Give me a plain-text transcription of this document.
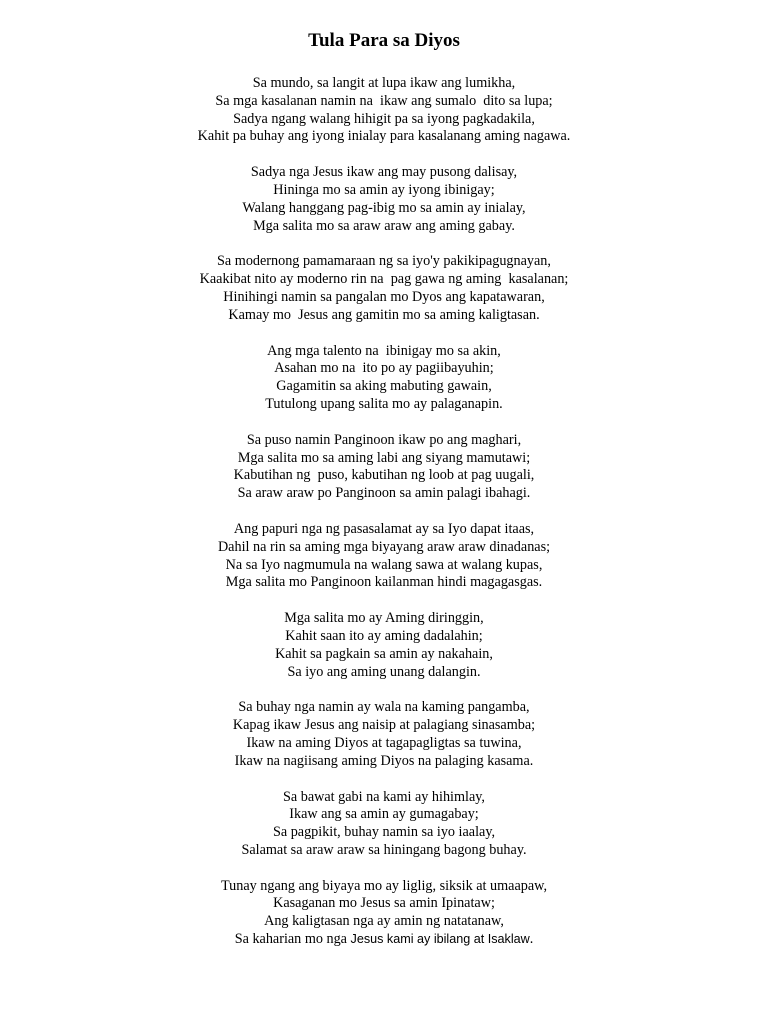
Tula Para sa Diyos
Sa mundo, sa langit at lupa ikaw ang lumikha,
Sa mga kasalanan namin na  ikaw ang sumalo  dito sa lupa;
Sadya ngang walang hihigit pa sa iyong pagkadakila,
Kahit pa buhay ang iyong inialay para kasalanang aming nagawa.
Sadya nga Jesus ikaw ang may pusong dalisay,
Hininga mo sa amin ay iyong ibinigay;
Walang hanggang pag-ibig mo sa amin ay inialay,
Mga salita mo sa araw araw ang aming gabay.
Sa modernong pamamaraan ng sa iyo'y pakikipagugnayan,
Kaakibat nito ay moderno rin na  pag gawa ng aming  kasalanan;
Hinihingi namin sa pangalan mo Dyos ang kapatawaran,
Kamay mo  Jesus ang gamitin mo sa aming kaligtasan.
Ang mga talento na  ibinigay mo sa akin,
Asahan mo na  ito po ay pagiibayuhin;
Gagamitin sa aking mabuting gawain,
Tutulong upang salita mo ay palaganapin.
Sa puso namin Panginoon ikaw po ang maghari,
Mga salita mo sa aming labi ang siyang mamutawi;
Kabutihan ng  puso, kabutihan ng loob at pag uugali,
Sa araw araw po Panginoon sa amin palagi ibahagi.
Ang papuri nga ng pasasalamat ay sa Iyo dapat itaas,
Dahil na rin sa aming mga biyayang araw araw dinadanas;
Na sa Iyo nagmumula na walang sawa at walang kupas,
Mga salita mo Panginoon kailanman hindi magagasgas.
Mga salita mo ay Aming diringgin,
Kahit saan ito ay aming dadalahin;
Kahit sa pagkain sa amin ay nakahain,
Sa iyo ang aming unang dalangin.
Sa buhay nga namin ay wala na kaming pangamba,
Kapag ikaw Jesus ang naisip at palagiang sinasamba;
Ikaw na aming Diyos at tagapagligtas sa tuwina,
Ikaw na nagiisang aming Diyos na palaging kasama.
Sa bawat gabi na kami ay hihimlay,
Ikaw ang sa amin ay gumagabay;
Sa pagpikit, buhay namin sa iyo iaalay,
Salamat sa araw araw sa hiningang bagong buhay.
Tunay ngang ang biyaya mo ay liglig, siksik at umaapaw,
Kasaganan mo Jesus sa amin Ipinataw;
Ang kaligtasan nga ay amin ng natatanaw,
Sa kaharian mo nga Jesus kami ay ibilang at Isaklaw.
